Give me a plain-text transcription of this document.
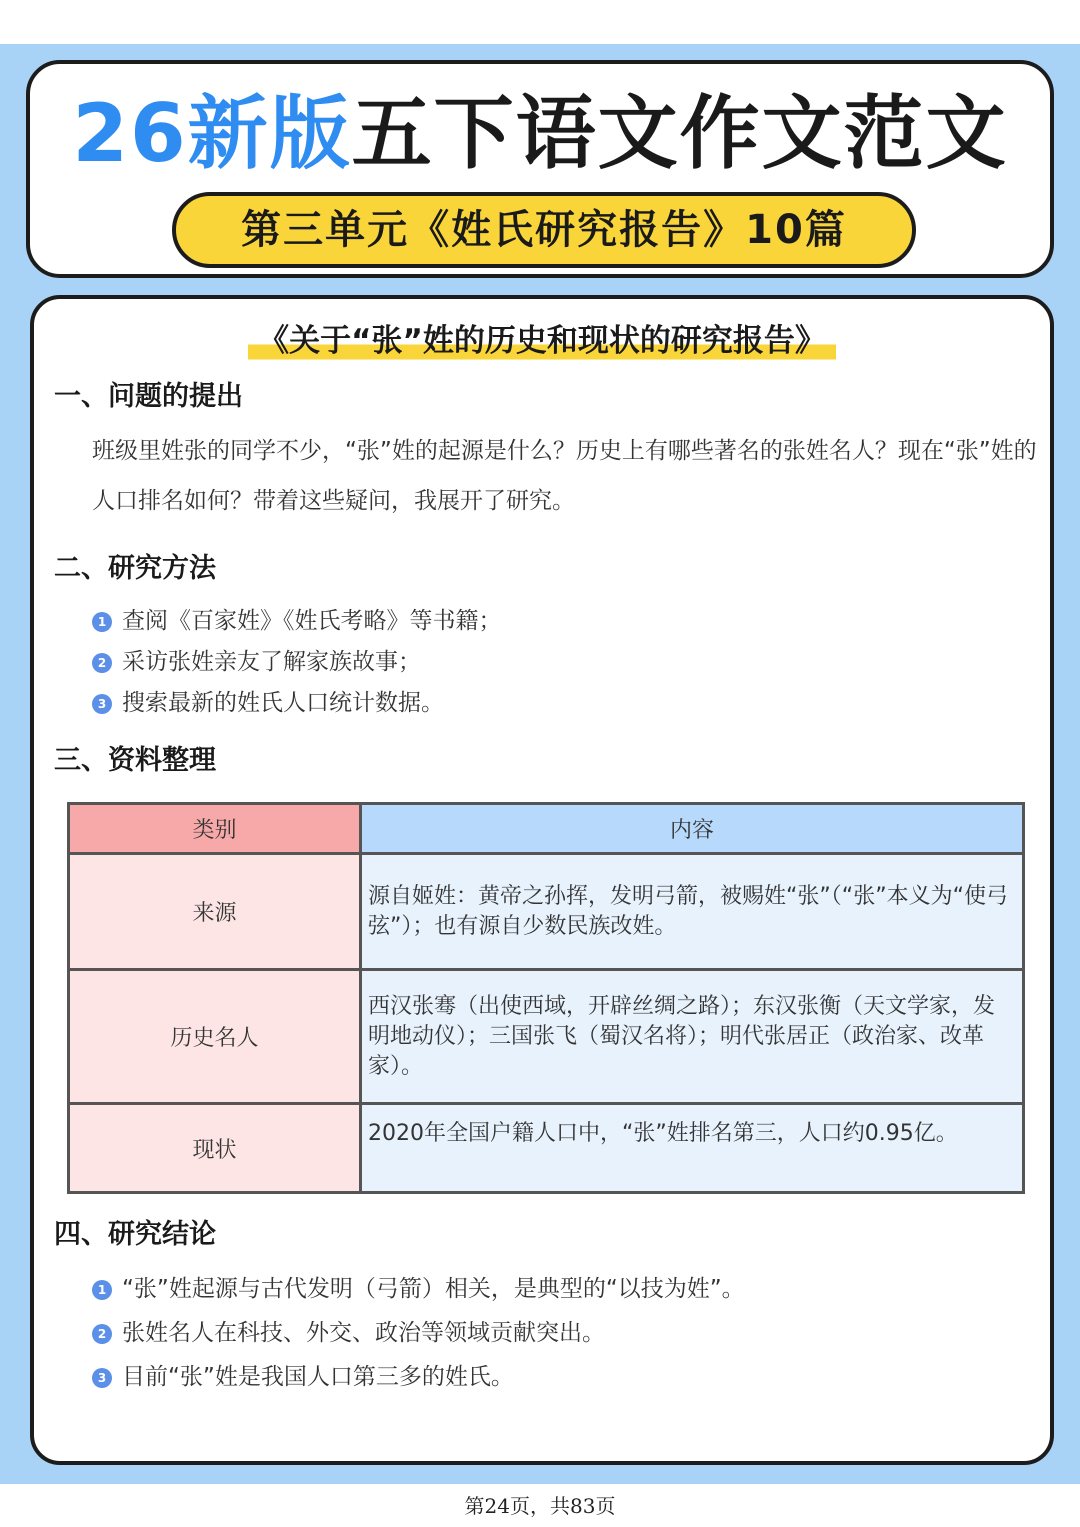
26新版五下语文作文范文
第三单元《姓氏研究报告》10篇
《关于“张”姓的历史和现状的研究报告》
一、问题的提出
班级里姓张的同学不少，“张”姓的起源是什么？历史上有哪些著名的张姓名人？现在“张”姓的人口排名如何？带着这些疑问，我展开了研究。
二、研究方法
1 查阅《百家姓》《姓氏考略》等书籍；
2 采访张姓亲友了解家族故事；
3 搜索最新的姓氏人口统计数据。
三、资料整理
类别	内容
来源	源自姬姓：黄帝之孙挥，发明弓箭，被赐姓“张”（“张”本义为“使弓弦”）；也有源自少数民族改姓。
历史名人	西汉张骞（出使西域，开辟丝绸之路）；东汉张衡（天文学家，发明地动仪）；三国张飞（蜀汉名将）；明代张居正（政治家、改革家）。
现状	2020年全国户籍人口中，“张”姓排名第三，人口约0.95亿。
四、研究结论
1 “张”姓起源与古代发明（弓箭）相关，是典型的“以技为姓”。
2 张姓名人在科技、外交、政治等领域贡献突出。
3 目前“张”姓是我国人口第三多的姓氏。
第24页，共83页
